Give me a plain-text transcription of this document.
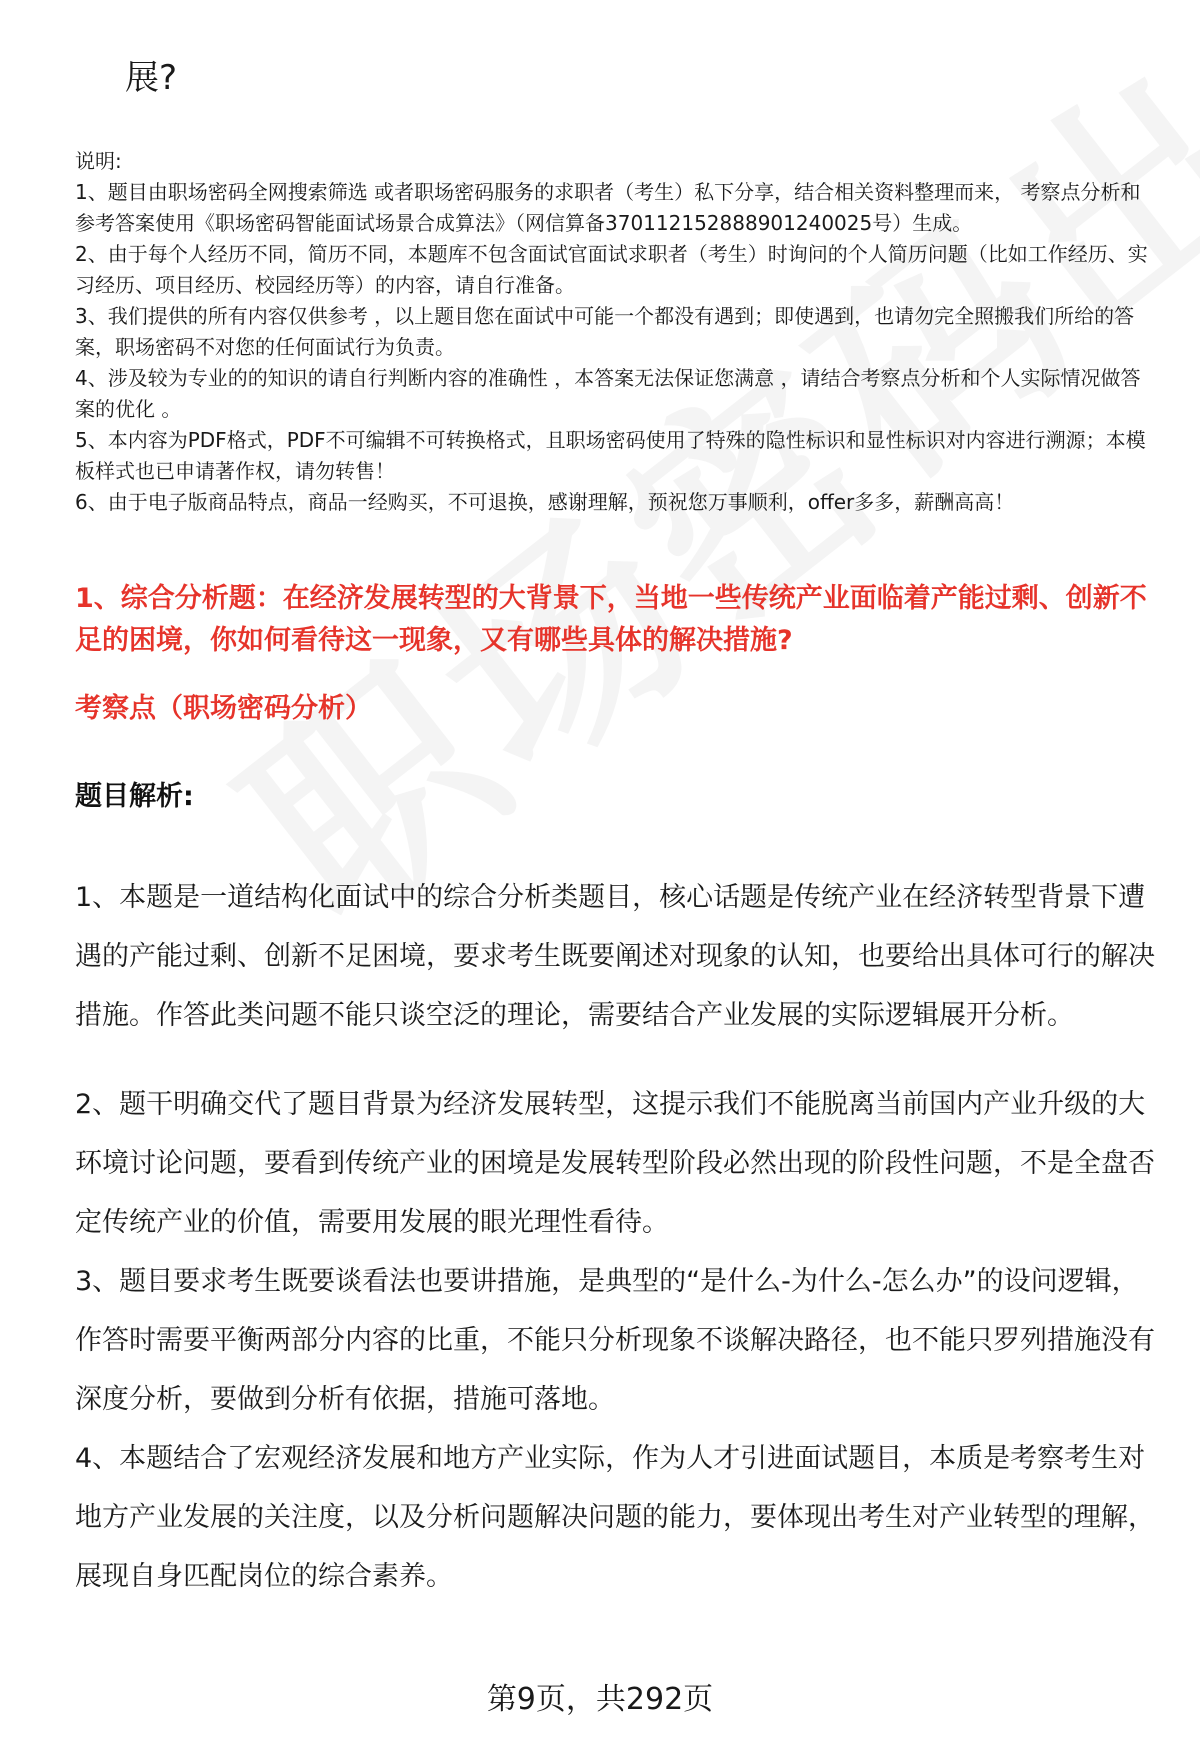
展?
说明:
1、题目由职场密码全网搜索筛选 或者职场密码服务的求职者（考生）私下分享，结合相关资料整理而来， 考察点分析和参考答案使用《职场密码智能面试场景合成算法》（网信算备370112152888901240025号）生成。
2、由于每个人经历不同，简历不同，本题库不包含面试官面试求职者（考生）时询问的个人简历问题（比如工作经历、实习经历、项目经历、校园经历等）的内容，请自行准备。
3、我们提供的所有内容仅供参考 ，以上题目您在面试中可能一个都没有遇到；即使遇到，也请勿完全照搬我们所给的答案，职场密码不对您的任何面试行为负责。
4、涉及较为专业的的知识的请自行判断内容的准确性 ，本答案无法保证您满意 ，请结合考察点分析和个人实际情况做答案的优化 。
5、本内容为PDF格式，PDF不可编辑不可转换格式，且职场密码使用了特殊的隐性标识和显性标识对内容进行溯源；本模板样式也已申请著作权，请勿转售！
6、由于电子版商品特点，商品一经购买，不可退换，感谢理解，预祝您万事顺利，offer多多，薪酬高高！
1、综合分析题：在经济发展转型的大背景下，当地一些传统产业面临着产能过剩、创新不足的困境，你如何看待这一现象，又有哪些具体的解决措施?
考察点（职场密码分析）
题目解析:

1、本题是一道结构化面试中的综合分析类题目，核心话题是传统产业在经济转型背景下遭遇的产能过剩、创新不足困境，要求考生既要阐述对现象的认知，也要给出具体可行的解决措施。作答此类问题不能只谈空泛的理论，需要结合产业发展的实际逻辑展开分析。

2、题干明确交代了题目背景为经济发展转型，这提示我们不能脱离当前国内产业升级的大环境讨论问题，要看到传统产业的困境是发展转型阶段必然出现的阶段性问题，不是全盘否定传统产业的价值，需要用发展的眼光理性看待。

3、题目要求考生既要谈看法也要讲措施，是典型的“是什么-为什么-怎么办”的设问逻辑，作答时需要平衡两部分内容的比重，不能只分析现象不谈解决路径，也不能只罗列措施没有深度分析，要做到分析有依据，措施可落地。

4、本题结合了宏观经济发展和地方产业实际，作为人才引进面试题目，本质是考察考生对地方产业发展的关注度，以及分析问题解决问题的能力，要体现出考生对产业转型的理解，展现自身匹配岗位的综合素养。

第9页，共292页
